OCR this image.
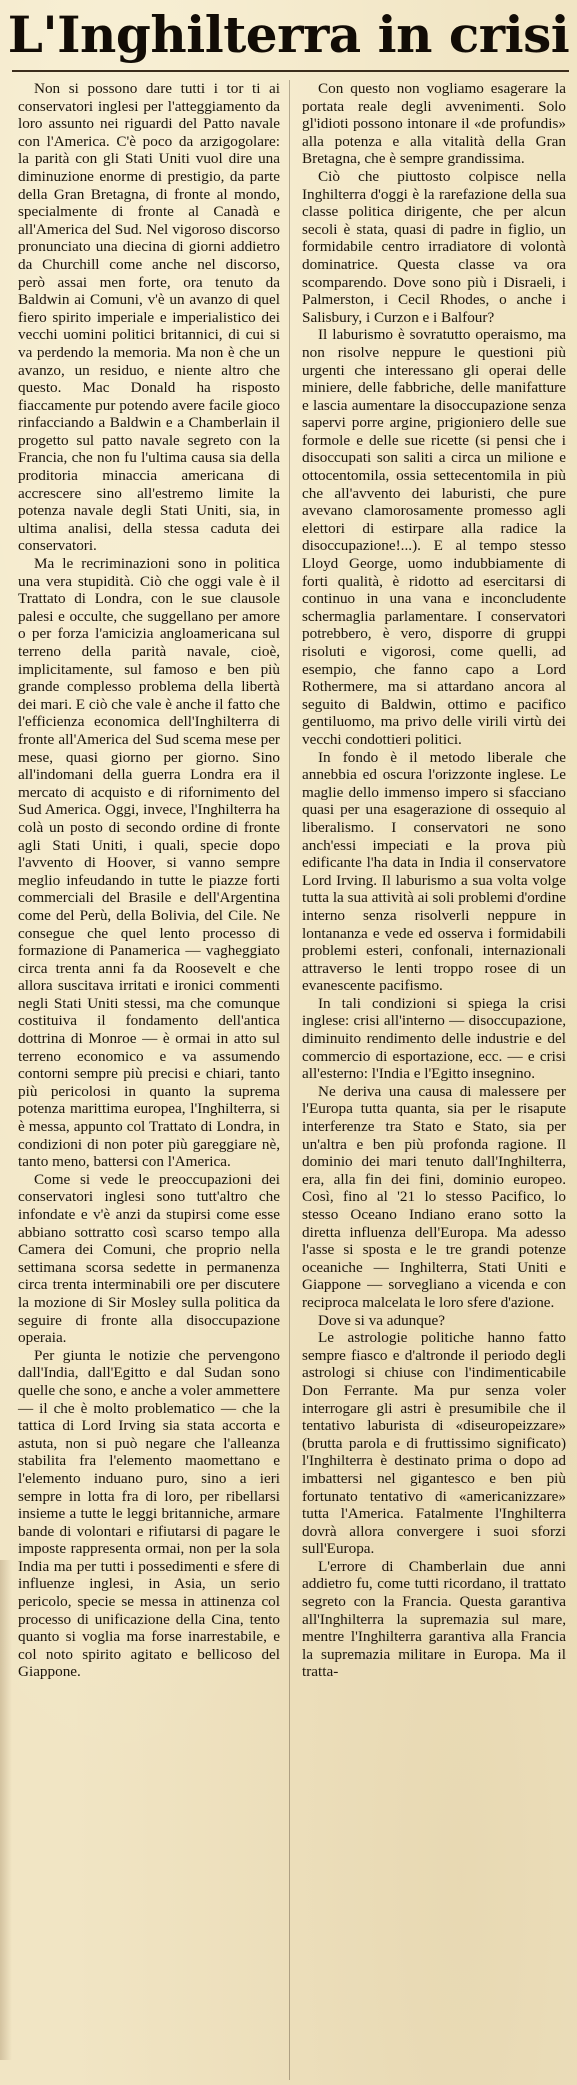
L'Inghilterra in crisi

Non si possono dare tutti i tor ti ai conservatori inglesi per l'atteggiamento da loro assunto nei riguardi del Patto navale con l'America. C'è poco da arzigogolare: la parità con gli Stati Uniti vuol dire una diminuzione enorme di prestigio, da parte della Gran Bretagna, di fronte al mondo, specialmente di fronte al Canadà e all'America del Sud. Nel vigoroso discorso pronunciato una diecina di giorni addietro da Churchill come anche nel discorso, però assai men forte, ora tenuto da Baldwin ai Comuni, v'è un avanzo di quel fiero spirito imperiale e imperialistico dei vecchi uomini politici britannici, di cui si va perdendo la memoria. Ma non è che un avanzo, un residuo, e niente altro che questo. Mac Donald ha risposto fiaccamente pur potendo avere facile gioco rinfacciando a Baldwin e a Chamberlain il progetto sul patto navale segreto con la Francia, che non fu l'ultima causa sia della proditoria minaccia americana di accrescere sino all'estremo limite la potenza navale degli Stati Uniti, sia, in ultima analisi, della stessa caduta dei conservatori.

Ma le recriminazioni sono in politica una vera stupidità. Ciò che oggi vale è il Trattato di Londra, con le sue clausole palesi e occulte, che suggellano per amore o per forza l'amicizia angloamericana sul terreno della parità navale, cioè, implicitamente, sul famoso e ben più grande complesso problema della libertà dei mari. E ciò che vale è anche il fatto che l'efficienza economica dell'Inghilterra di fronte all'America del Sud scema mese per mese, quasi giorno per giorno. Sino all'indomani della guerra Londra era il mercato di acquisto e di rifornimento del Sud America. Oggi, invece, l'Inghilterra ha colà un posto di secondo ordine di fronte agli Stati Uniti, i quali, specie dopo l'avvento di Hoover, si vanno sempre meglio infeudando in tutte le piazze forti commerciali del Brasile e dell'Argentina come del Perù, della Bolivia, del Cile. Ne consegue che quel lento processo di formazione di Panamerica — vagheggiato circa trenta anni fa da Roosevelt e che allora suscitava irritati e ironici commenti negli Stati Uniti stessi, ma che comunque costituiva il fondamento dell'antica dottrina di Monroe — è ormai in atto sul terreno economico e va assumendo contorni sempre più precisi e chiari, tanto più pericolosi in quanto la suprema potenza marittima europea, l'Inghilterra, si è messa, appunto col Trattato di Londra, in condizioni di non poter più gareggiare nè, tanto meno, battersi con l'America.

Come si vede le preoccupazioni dei conservatori inglesi sono tutt'altro che infondate e v'è anzi da stupirsi come esse abbiano sottratto così scarso tempo alla Camera dei Comuni, che proprio nella settimana scorsa sedette in permanenza circa trenta interminabili ore per discutere la mozione di Sir Mosley sulla politica da seguire di fronte alla disoccupazione operaia.

Per giunta le notizie che pervengono dall'India, dall'Egitto e dal Sudan sono quelle che sono, e anche a voler ammettere — il che è molto problematico — che la tattica di Lord Irving sia stata accorta e astuta, non si può negare che l'alleanza stabilita fra l'elemento maomettano e l'elemento induano puro, sino a ieri sempre in lotta fra di loro, per ribellarsi insieme a tutte le leggi britanniche, armare bande di volontari e rifiutarsi di pagare le imposte rappresenta ormai, non per la sola India ma per tutti i possedimenti e sfere di influenze inglesi, in Asia, un serio pericolo, specie se messa in attinenza col processo di unificazione della Cina, tento quanto si voglia ma forse inarrestabile, e col noto spirito agitato e bellicoso del Giappone.

Con questo non vogliamo esagerare la portata reale degli avvenimenti. Solo gl'idioti possono intonare il «de profundis» alla potenza e alla vitalità della Gran Bretagna, che è sempre grandissima.

Ciò che piuttosto colpisce nella Inghilterra d'oggi è la rarefazione della sua classe politica dirigente, che per alcun secoli è stata, quasi di padre in figlio, un formidabile centro irradiatore di volontà dominatrice. Questa classe va ora scomparendo. Dove sono più i Disraeli, i Palmerston, i Cecil Rhodes, o anche i Salisbury, i Curzon e i Balfour?

Il laburismo è sovratutto operaismo, ma non risolve neppure le questioni più urgenti che interessano gli operai delle miniere, delle fabbriche, delle manifatture e lascia aumentare la disoccupazione senza sapervi porre argine, prigioniero delle sue formole e delle sue ricette (si pensi che i disoccupati son saliti a circa un milione e ottocentomila, ossia settecentomila in più che all'avvento dei laburisti, che pure avevano clamorosamente promesso agli elettori di estirpare alla radice la disoccupazione!...). E al tempo stesso Lloyd George, uomo indubbiamente di forti qualità, è ridotto ad esercitarsi di continuo in una vana e inconcludente schermaglia parlamentare. I conservatori potrebbero, è vero, disporre di gruppi risoluti e vigorosi, come quelli, ad esempio, che fanno capo a Lord Rothermere, ma si attardano ancora al seguito di Baldwin, ottimo e pacifico gentiluomo, ma privo delle virili virtù dei vecchi condottieri politici.

In fondo è il metodo liberale che annebbia ed oscura l'orizzonte inglese. Le maglie dello immenso impero si sfacciano quasi per una esagerazione di ossequio al liberalismo. I conservatori ne sono anch'essi impeciati e la prova più edificante l'ha data in India il conservatore Lord Irving. Il laburismo a sua volta volge tutta la sua attività ai soli problemi d'ordine interno senza risolverli neppure in lontananza e vede ed osserva i formidabili problemi esteri, confonali, internazionali attraverso le lenti troppo rosee di un evanescente pacifismo.

In tali condizioni si spiega la crisi inglese: crisi all'interno — disoccupazione, diminuito rendimento delle industrie e del commercio di esportazione, ecc. — e crisi all'esterno: l'India e l'Egitto insegnino.

Ne deriva una causa di malessere per l'Europa tutta quanta, sia per le risapute interferenze tra Stato e Stato, sia per un'altra e ben più profonda ragione. Il dominio dei mari tenuto dall'Inghilterra, era, alla fin dei fini, dominio europeo. Così, fino al '21 lo stesso Pacifico, lo stesso Oceano Indiano erano sotto la diretta influenza dell'Europa. Ma adesso l'asse si sposta e le tre grandi potenze oceaniche — Inghilterra, Stati Uniti e Giappone — sorvegliano a vicenda e con reciproca malcelata le loro sfere d'azione.

Dove si va adunque?

Le astrologie politiche hanno fatto sempre fiasco e d'altronde il periodo degli astrologi si chiuse con l'indimenticabile Don Ferrante. Ma pur senza voler interrogare gli astri è presumibile che il tentativo laburista di «diseuropeizzare» (brutta parola e di fruttissimo significato) l'Inghilterra è destinato prima o dopo ad imbattersi nel gigantesco e ben più fortunato tentativo di «americanizzare» tutta l'America. Fatalmente l'Inghilterra dovrà allora convergere i suoi sforzi sull'Europa.

L'errore di Chamberlain due anni addietro fu, come tutti ricordano, il trattato segreto con la Francia. Questa garantiva all'Inghilterra la supremazia sul mare, mentre l'Inghilterra garantiva alla Francia la supremazia militare in Europa. Ma il tratta-
